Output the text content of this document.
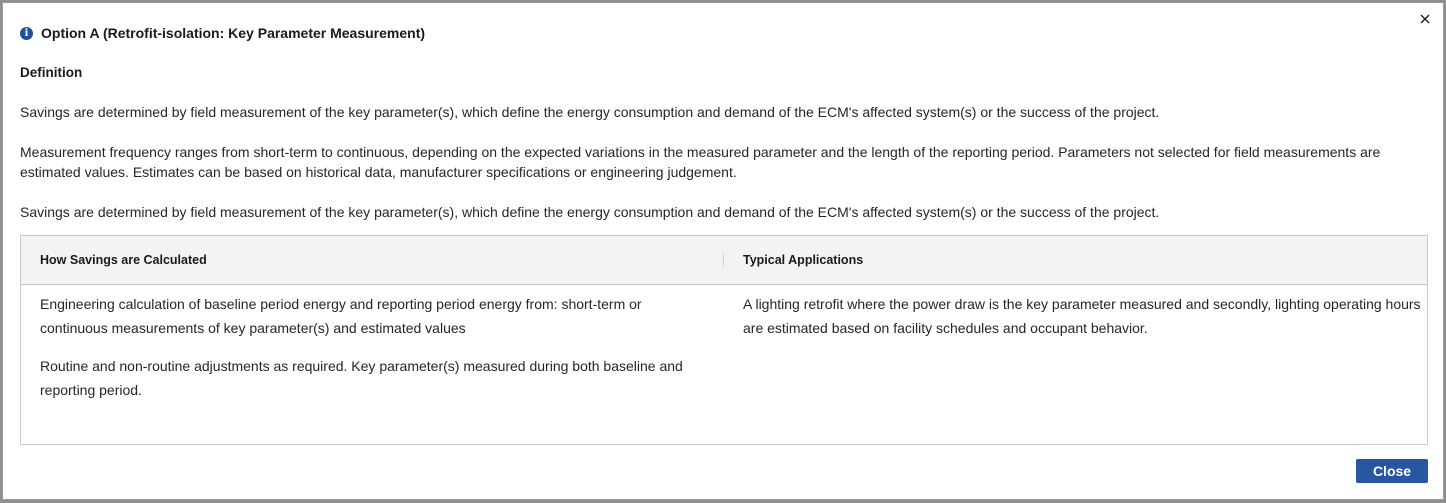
i Option A (Retrofit-isolation: Key Parameter Measurement)
Definition

Savings are determined by field measurement of the key parameter(s), which define the energy consumption and demand of the ECM's affected system(s) or the success of the project.

Measurement frequency ranges from short-term to continuous, depending on the expected variations in the measured parameter and the length of the reporting period. Parameters not selected for field measurements are estimated values. Estimates can be based on historical data, manufacturer specifications or engineering judgement.

Savings are determined by field measurement of the key parameter(s), which define the energy consumption and demand of the ECM's affected system(s) or the success of the project.

How Savings are Calculated	Typical Applications
Engineering calculation of baseline period energy and reporting period energy from: short-term or continuous measurements of key parameter(s) and estimated values
Routine and non-routine adjustments as required. Key parameter(s) measured during both baseline and reporting period.
A lighting retrofit where the power draw is the key parameter measured and secondly, lighting operating hours are estimated based on facility schedules and occupant behavior.
Close
